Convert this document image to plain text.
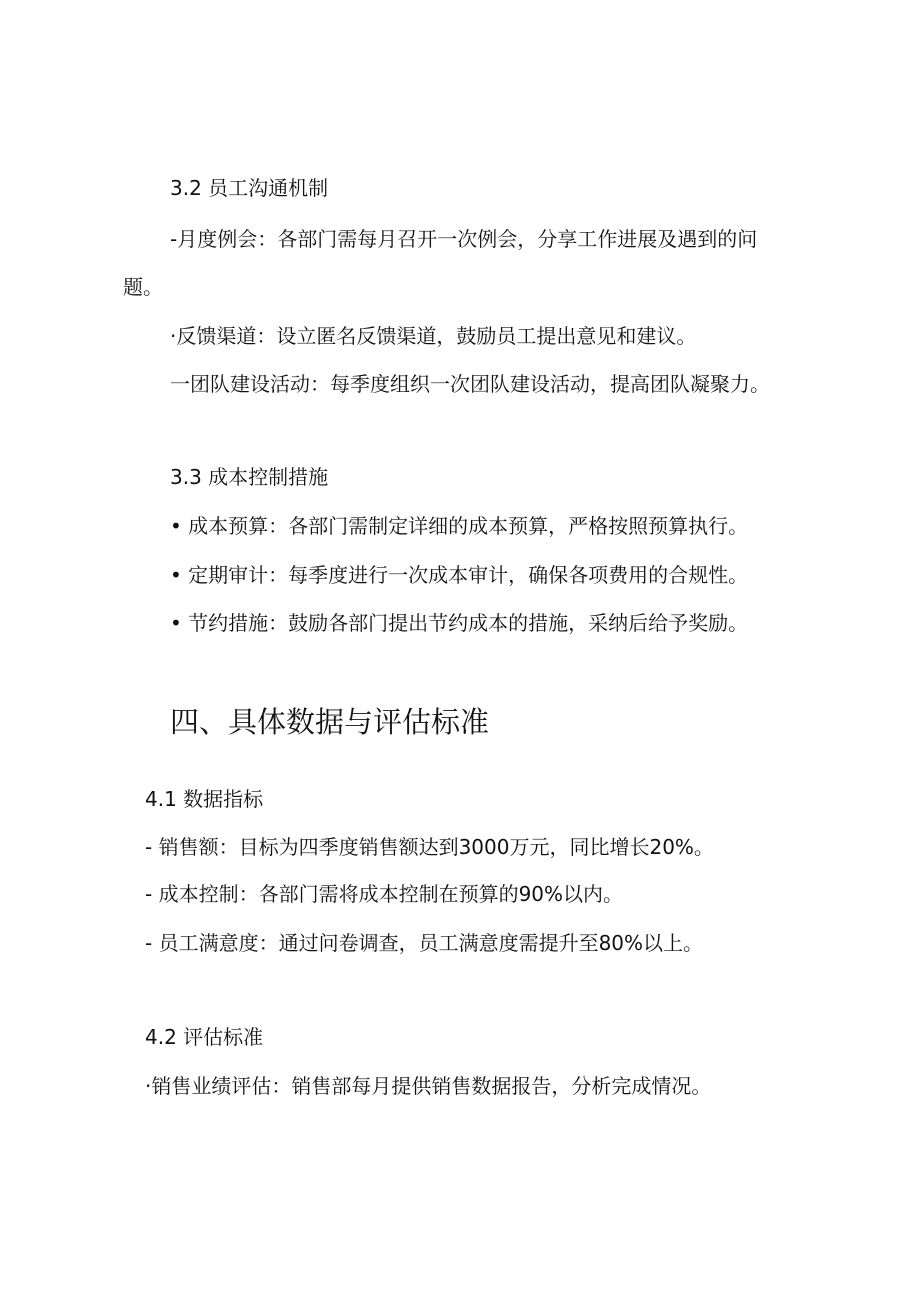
3.2 员工沟通机制
-月度例会：各部门需每月召开一次例会，分享工作进展及遇到的问
题。
·反馈渠道：设立匿名反馈渠道，鼓励员工提出意见和建议。
一团队建设活动：每季度组织一次团队建设活动，提高团队凝聚力。
3.3 成本控制措施
• 成本预算：各部门需制定详细的成本预算，严格按照预算执行。
• 定期审计：每季度进行一次成本审计，确保各项费用的合规性。
• 节约措施：鼓励各部门提出节约成本的措施，采纳后给予奖励。
四、具体数据与评估标准
4.1 数据指标
- 销售额：目标为四季度销售额达到3000万元，同比增长20%。
- 成本控制：各部门需将成本控制在预算的90%以内。
- 员工满意度：通过问卷调查，员工满意度需提升至80%以上。
4.2 评估标准
·销售业绩评估：销售部每月提供销售数据报告，分析完成情况。
